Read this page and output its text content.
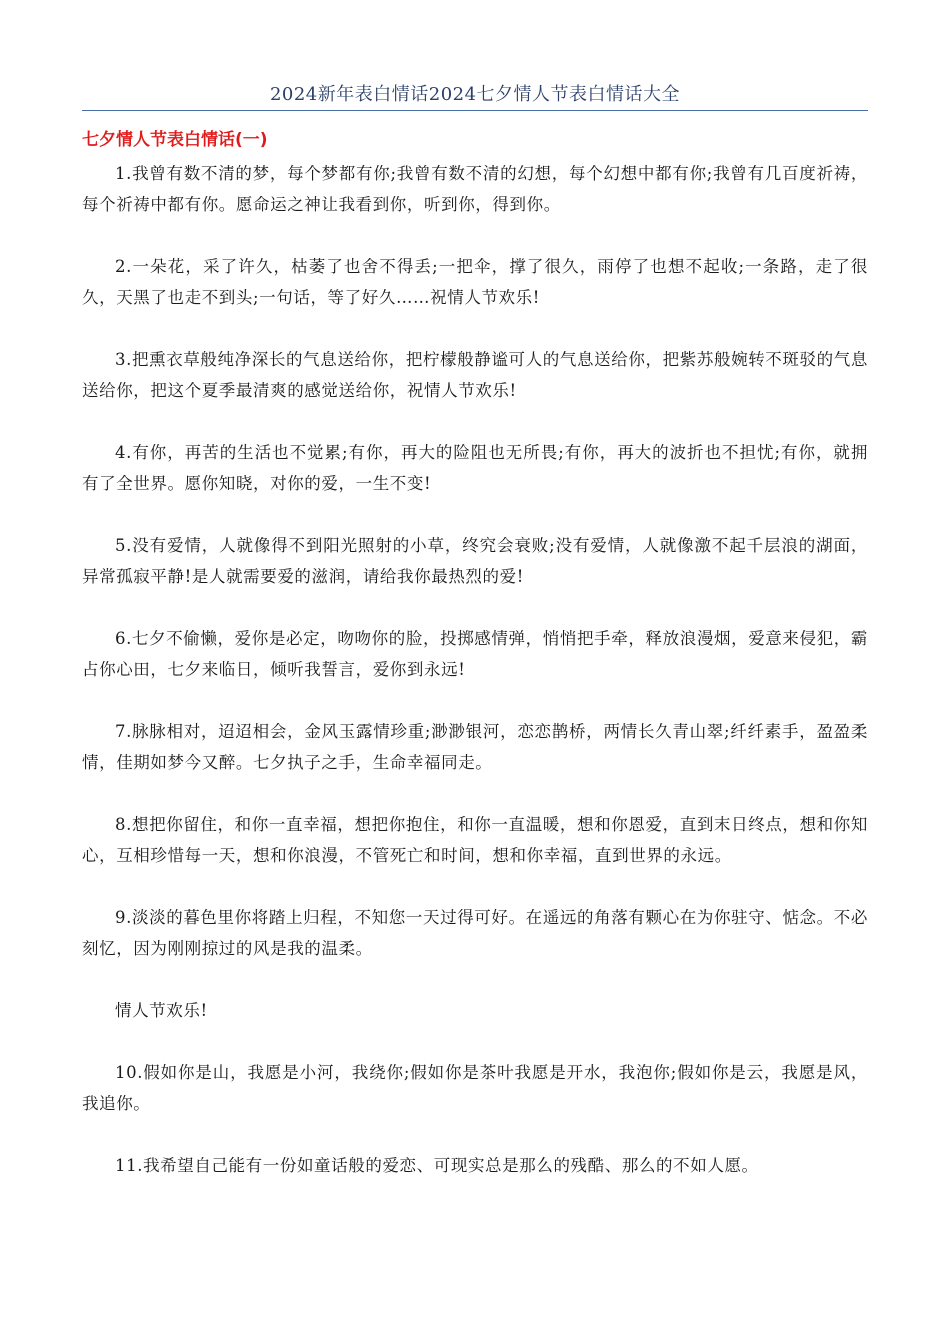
2024新年表白情话2024七夕情人节表白情话大全
七夕情人节表白情话(一)

1.我曾有数不清的梦，每个梦都有你;我曾有数不清的幻想，每个幻想中都有你;我曾有几百度祈祷，每个祈祷中都有你。愿命运之神让我看到你，听到你，得到你。

2.一朵花，采了许久，枯萎了也舍不得丢;一把伞，撑了很久，雨停了也想不起收;一条路，走了很久，天黑了也走不到头;一句话，等了好久……祝情人节欢乐!

3.把熏衣草般纯净深长的气息送给你，把柠檬般静谧可人的气息送给你，把紫苏般婉转不斑驳的气息送给你，把这个夏季最清爽的感觉送给你，祝情人节欢乐!

4.有你，再苦的生活也不觉累;有你，再大的险阻也无所畏;有你，再大的波折也不担忧;有你，就拥有了全世界。愿你知晓，对你的爱，一生不变!

5.没有爱情，人就像得不到阳光照射的小草，终究会衰败;没有爱情，人就像激不起千层浪的湖面，异常孤寂平静!是人就需要爱的滋润，请给我你最热烈的爱!

6.七夕不偷懒，爱你是必定，吻吻你的脸，投掷感情弹，悄悄把手牵，释放浪漫烟，爱意来侵犯，霸占你心田，七夕来临日，倾听我誓言，爱你到永远!

7.脉脉相对，迢迢相会，金风玉露情珍重;渺渺银河，恋恋鹊桥，两情长久青山翠;纤纤素手，盈盈柔情，佳期如梦今又醉。七夕执子之手，生命幸福同走。

8.想把你留住，和你一直幸福，想把你抱住，和你一直温暖，想和你恩爱，直到末日终点，想和你知心，互相珍惜每一天，想和你浪漫，不管死亡和时间，想和你幸福，直到世界的永远。

9.淡淡的暮色里你将踏上归程，不知您一天过得可好。在遥远的角落有颗心在为你驻守、惦念。不必刻忆，因为刚刚掠过的风是我的温柔。

情人节欢乐!

10.假如你是山，我愿是小河，我绕你;假如你是茶叶我愿是开水，我泡你;假如你是云，我愿是风，我追你。

11.我希望自己能有一份如童话般的爱恋、可现实总是那么的残酷、那么的不如人愿。
